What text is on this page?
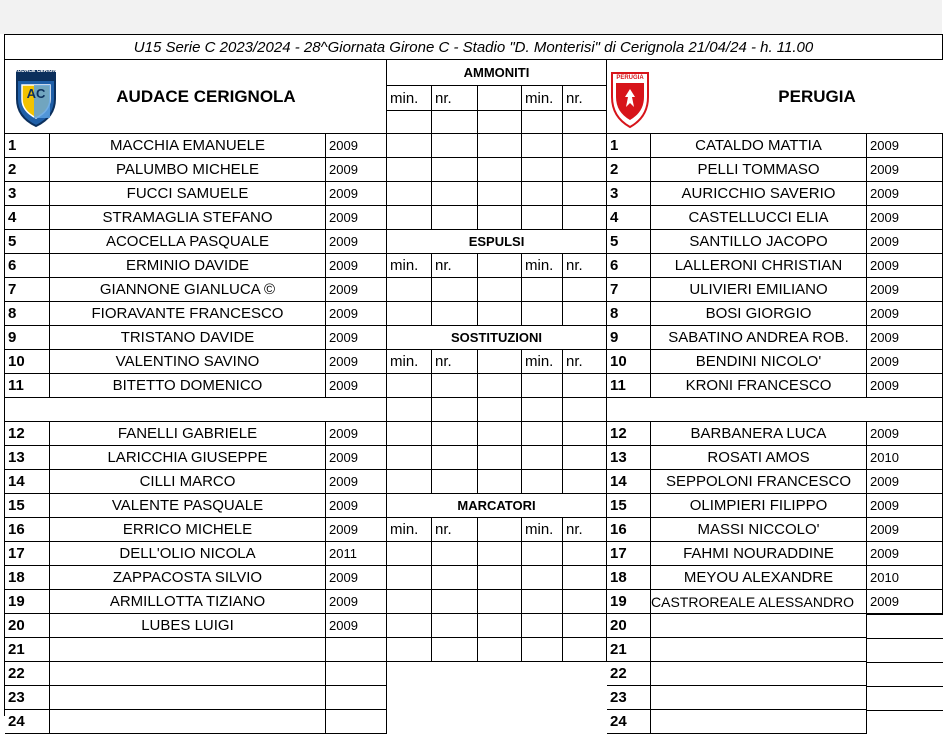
U15 Serie C 2023/2024 - 28^Giornata Girone C - Stadio "D. Monterisi" di Cerignola 21/04/24 - h. 11.00
AUDACE CERIGNOLA	PERUGIA
AUDACE CERIGNOLA
AC
PERUGIA
AMMONITI
min.	nr.	min. nr.
1	MACCHIA EMANUELE	2009	1	CATALDO MATTIA	2009
2	PALUMBO MICHELE	2009	2	PELLI TOMMASO	2009
3	FUCCI SAMUELE	2009	3	AURICCHIO SAVERIO	2009
4	STRAMAGLIA STEFANO	2009	4	CASTELLUCCI ELIA	2009
5	ACOCELLA PASQUALE	2009	5	SANTILLO JACOPO	2009
6	ERMINIO DAVIDE	2009	6	LALLERONI CHRISTIAN	2009
7	GIANNONE GIANLUCA ©	2009	7	ULIVIERI EMILIANO	2009
8	FIORAVANTE FRANCESCO	2009	8	BOSI GIORGIO	2009
9	TRISTANO DAVIDE	2009	9	SABATINO ANDREA ROB.	2009
10	VALENTINO SAVINO	2009	10	BENDINI NICOLO'	2009
11	BITETTO DOMENICO	2009	11	KRONI FRANCESCO	2009
12	FANELLI GABRIELE	2009	12	BARBANERA LUCA	2009
13	LARICCHIA GIUSEPPE	2009	13	ROSATI AMOS	2010
14	CILLI MARCO	2009	14	SEPPOLONI FRANCESCO	2009
15	VALENTE PASQUALE	2009	15	OLIMPIERI FILIPPO	2009
16	ERRICO MICHELE	2009	16	MASSI NICCOLO'	2009
17	DELL'OLIO NICOLA	2011	17	FAHMI NOURADDINE	2009
18	ZAPPACOSTA SILVIO	2009	18	MEYOU ALEXANDRE	2010
19	ARMILLOTTA TIZIANO	2009	19	CASTROREALE ALESSANDRO	2009
20	LUBES LUIGI	2009	20
21	21
22	22
23	23
24	24
ESPULSI
min.	nr.	min. nr.
SOSTITUZIONI
min.	nr.	min. nr.
MARCATORI
min.	nr.	min. nr.
